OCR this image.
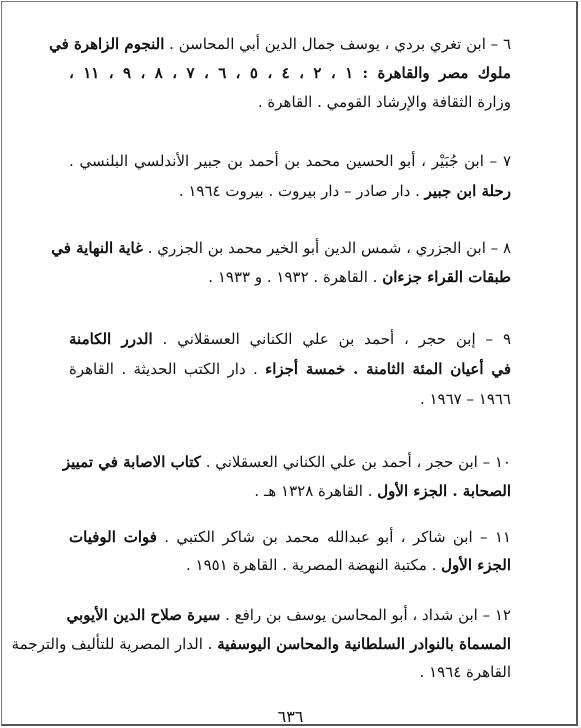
٦ – ابن تغري بردي ، يوسف جمال الدين أبي المحاسن . النجوم الزاهرة في
ملوك مصر والقاهرة : ١ ، ٢ ، ٤ ، ٥ ، ٦ ، ٧ ، ٨ ، ٩ ، ١١ ،
وزارة الثقافة والإرشاد القومي . القاهرة .
٧ – ابن جُبَيْر ، أبو الحسين محمد بن أحمد بن جبير الأندلسي البلنسي .
رحلة ابن جبير . دار صادر – دار بيروت . بيروت ١٩٦٤ .
٨ – ابن الجزري ، شمس الدين أبو الخير محمد بن الجزري . غاية النهاية في
طبقات القراء جزءان . القاهرة . ١٩٣٢ . و ١٩٣٣ .
٩ – إبن حجر ، أحمد بن علي الكناني العسقلاني . الدرر الكامنة
في أعيان المئة الثامنة . خمسة أجزاء . دار الكتب الحديثة . القاهرة
١٩٦٦ – ١٩٦٧ .
١٠ – ابن حجر ، أحمد بن علي الكناني العسقلاني . كتاب الاصابة في تمييز
الصحابة . الجزء الأول . القاهرة ١٣٢٨ هـ .
١١ – ابن شاكر ، أبو عبدالله محمد بن شاكر الكتبي . فوات الوفيات
الجزء الأول . مكتبة النهضة المصرية . القاهرة ١٩٥١ .
١٢ – ابن شداد ، أبو المحاسن يوسف بن رافع . سيرة صلاح الدين الأيوبي
المسماة بالنوادر السلطانية والمحاسن اليوسفية . الدار المصرية للتأليف والترجمة
القاهرة ١٩٦٤ .
٦٣٦
